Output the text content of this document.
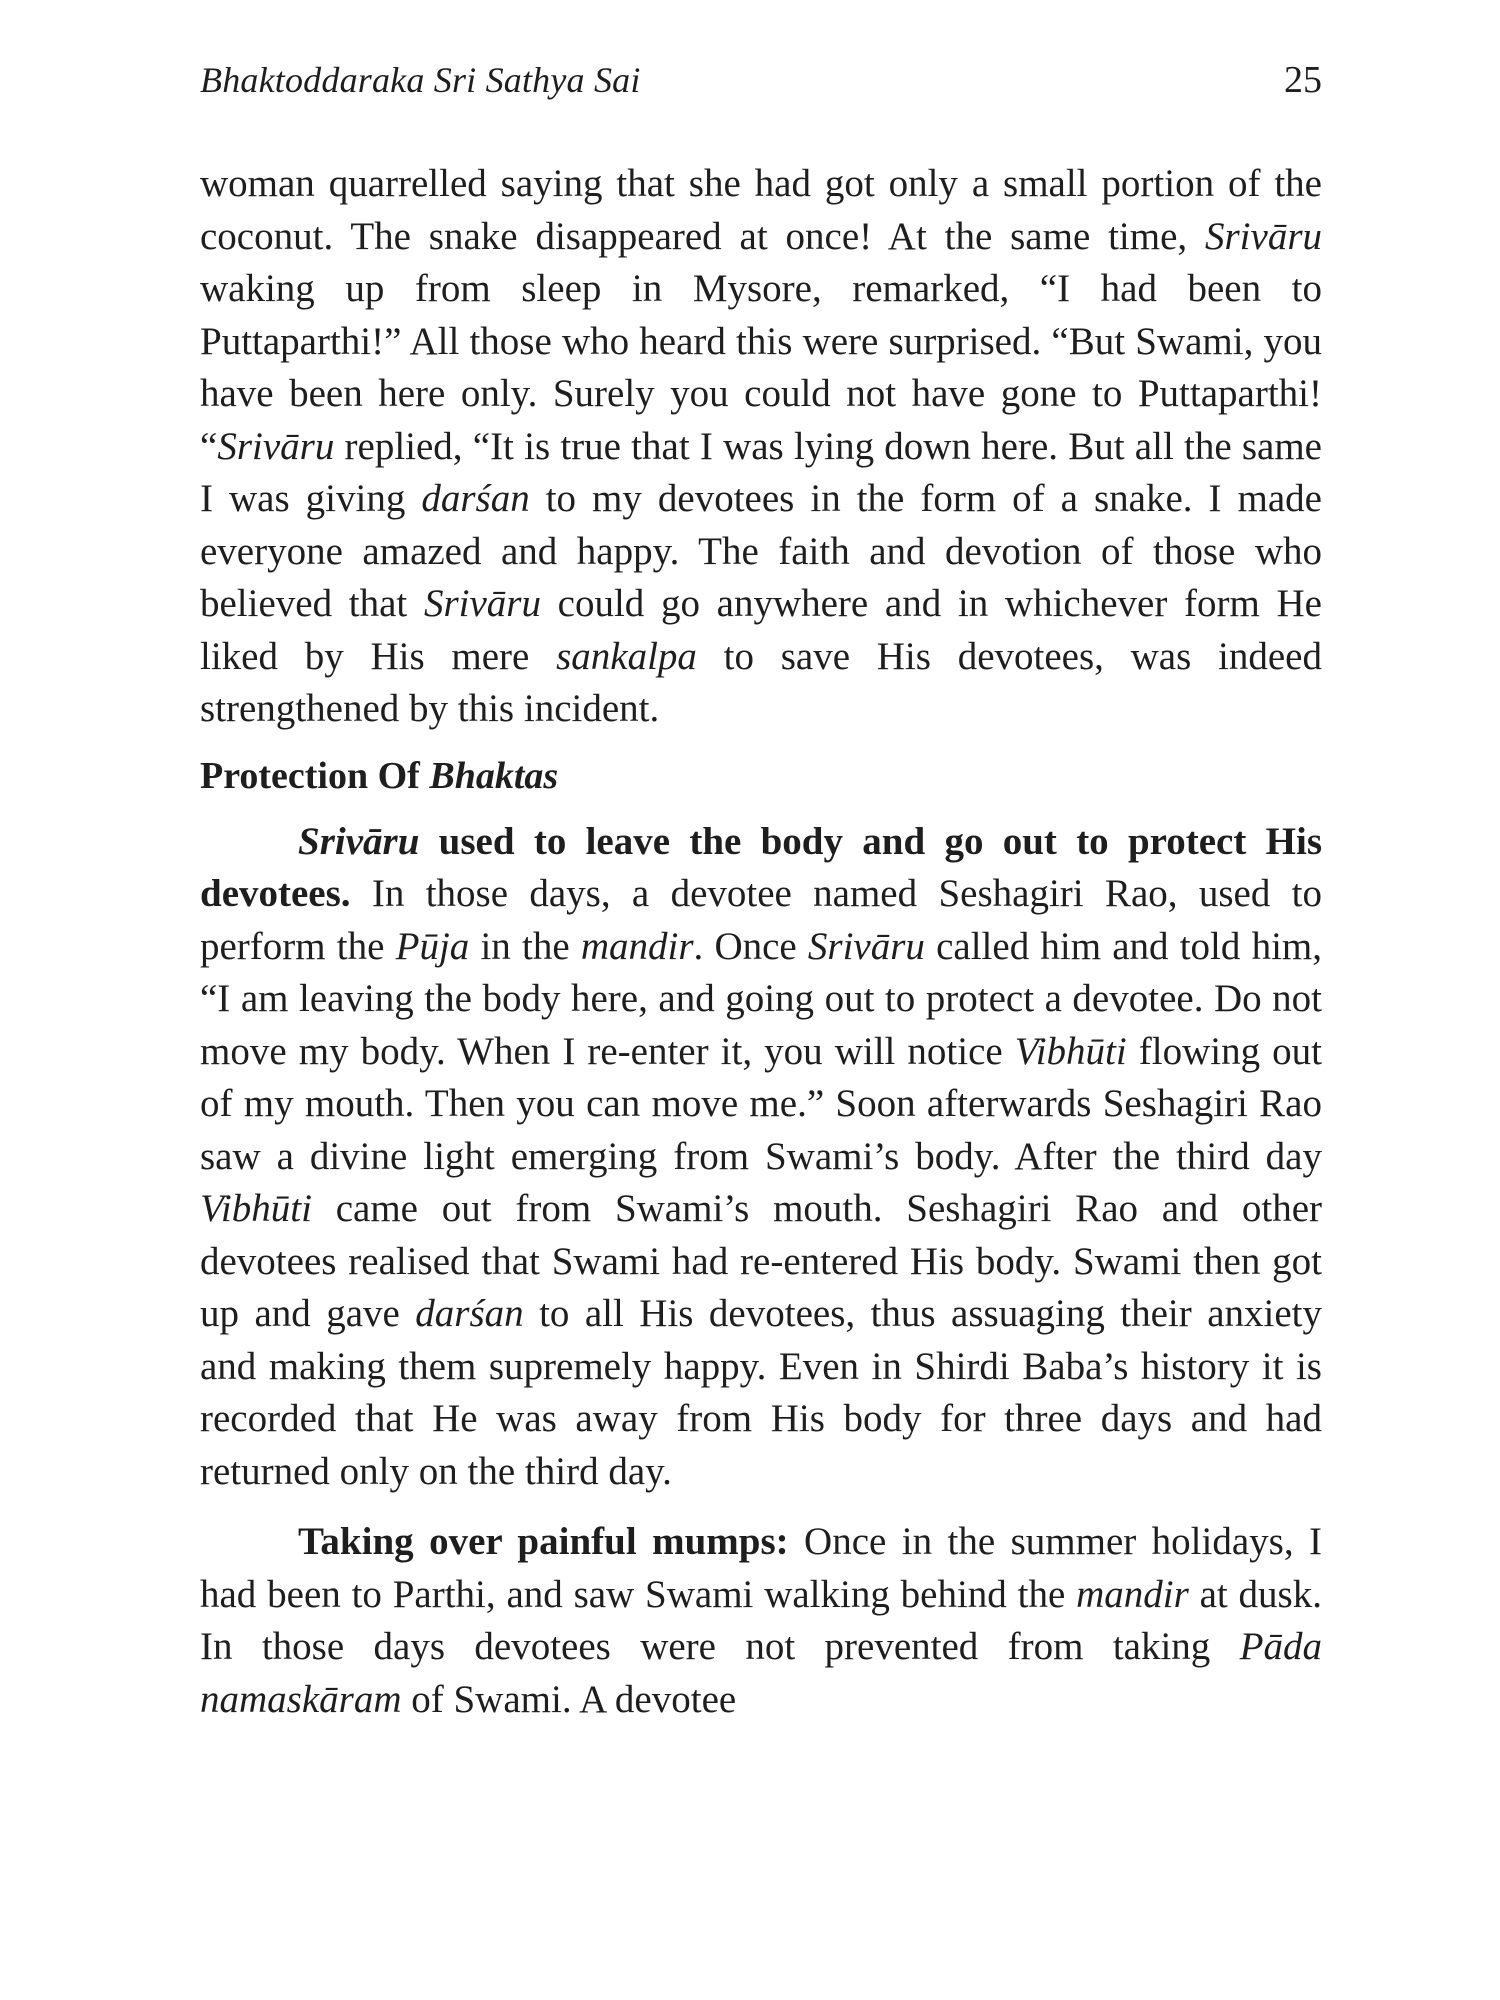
Bhaktoddaraka Sri Sathya Sai	25

woman quarrelled saying that she had got only a small portion of the coconut. The snake disappeared at once! At the same time, Srivāru waking up from sleep in Mysore, remarked, “I had been to Puttaparthi!” All those who heard this were surprised. “But Swami, you have been here only. Surely you could not have gone to Puttaparthi! “Srivāru replied, “It is true that I was lying down here. But all the same I was giving darśan to my devotees in the form of a snake. I made everyone amazed and happy. The faith and devotion of those who believed that Srivāru could go anywhere and in whichever form He liked by His mere sankalpa to save His devotees, was indeed strengthened by this incident.

Protection Of Bhaktas

Srivāru used to leave the body and go out to protect His devotees. In those days, a devotee named Seshagiri Rao, used to perform the Pūja in the mandir. Once Srivāru called him and told him, “I am leaving the body here, and going out to protect a devotee. Do not move my body. When I re-enter it, you will notice Vibhūti flowing out of my mouth. Then you can move me.” Soon afterwards Seshagiri Rao saw a divine light emerging from Swami’s body. After the third day Vibhūti came out from Swami’s mouth. Seshagiri Rao and other devotees realised that Swami had re-entered His body. Swami then got up and gave darśan to all His devotees, thus assuaging their anxiety and making them supremely happy. Even in Shirdi Baba’s history it is recorded that He was away from His body for three days and had returned only on the third day.

Taking over painful mumps: Once in the summer holidays, I had been to Parthi, and saw Swami walking behind the mandir at dusk. In those days devotees were not prevented from taking Pāda namaskāram of Swami. A devotee
